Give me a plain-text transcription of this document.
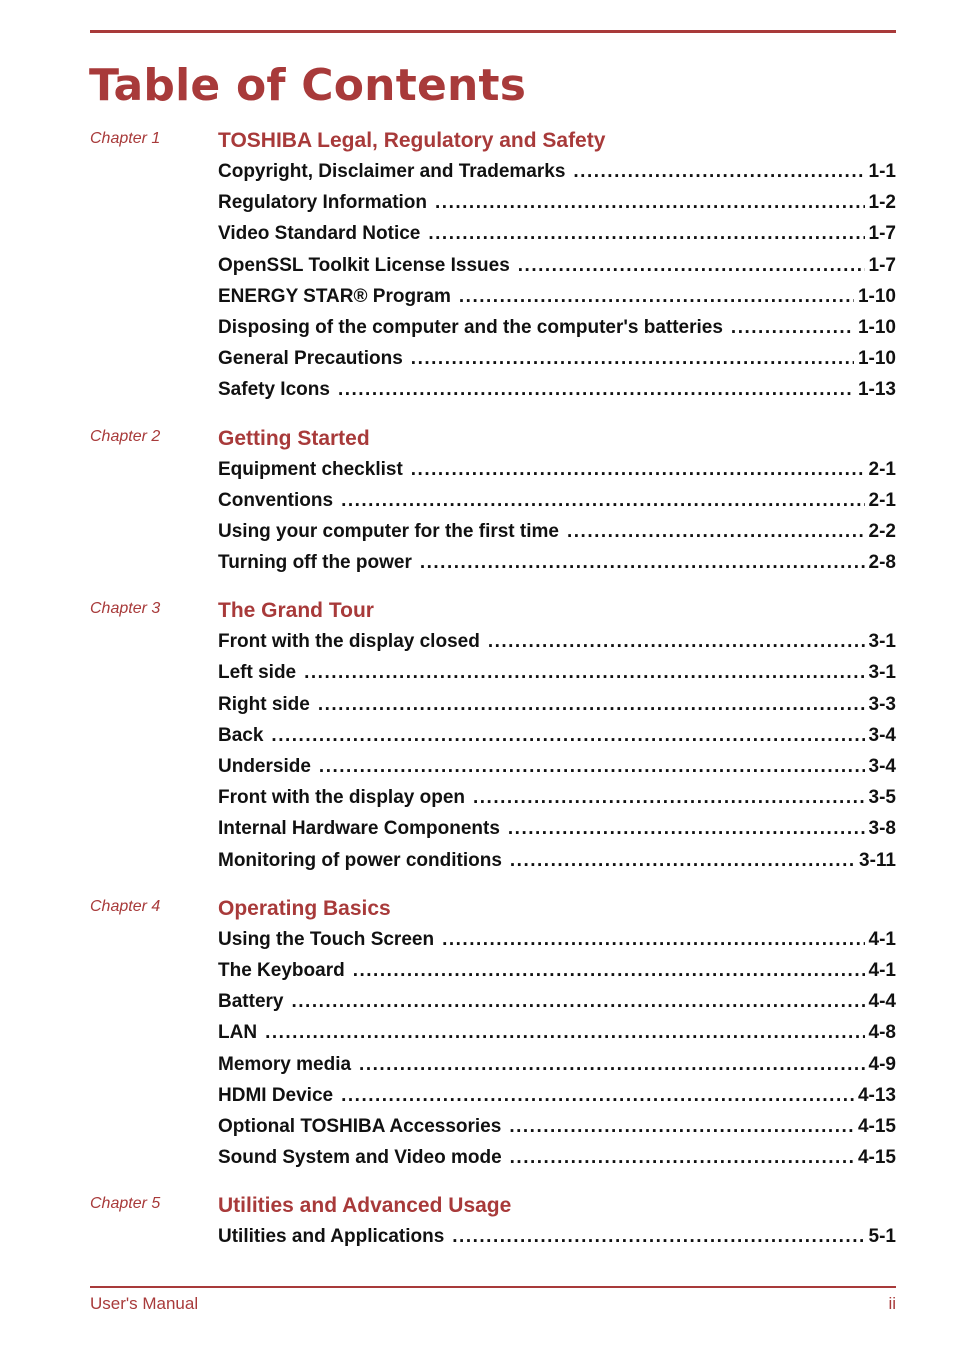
Table of Contents
Chapter 1	TOSHIBA Legal, Regulatory and Safety
Copyright, Disclaimer and Trademarks .....	1-1
Regulatory Information .....	1-2
Video Standard Notice .....	1-7
OpenSSL Toolkit License Issues .....	1-7
ENERGY STAR® Program .....	1-10
Disposing of the computer and the computer's batteries .....	1-10
General Precautions .....	1-10
Safety Icons .....	1-13
Chapter 2	Getting Started
Equipment checklist .....	2-1
Conventions .....	2-1
Using your computer for the first time .....	2-2
Turning off the power .....	2-8
Chapter 3	The Grand Tour
Front with the display closed .....	3-1
Left side .....	3-1
Right side .....	3-3
Back .....	3-4
Underside .....	3-4
Front with the display open .....	3-5
Internal Hardware Components .....	3-8
Monitoring of power conditions .....	3-11
Chapter 4	Operating Basics
Using the Touch Screen .....	4-1
The Keyboard .....	4-1
Battery .....	4-4
LAN .....	4-8
Memory media .....	4-9
HDMI Device .....	4-13
Optional TOSHIBA Accessories .....	4-15
Sound System and Video mode .....	4-15
Chapter 5	Utilities and Advanced Usage
Utilities and Applications .....	5-1
User's Manual	ii
